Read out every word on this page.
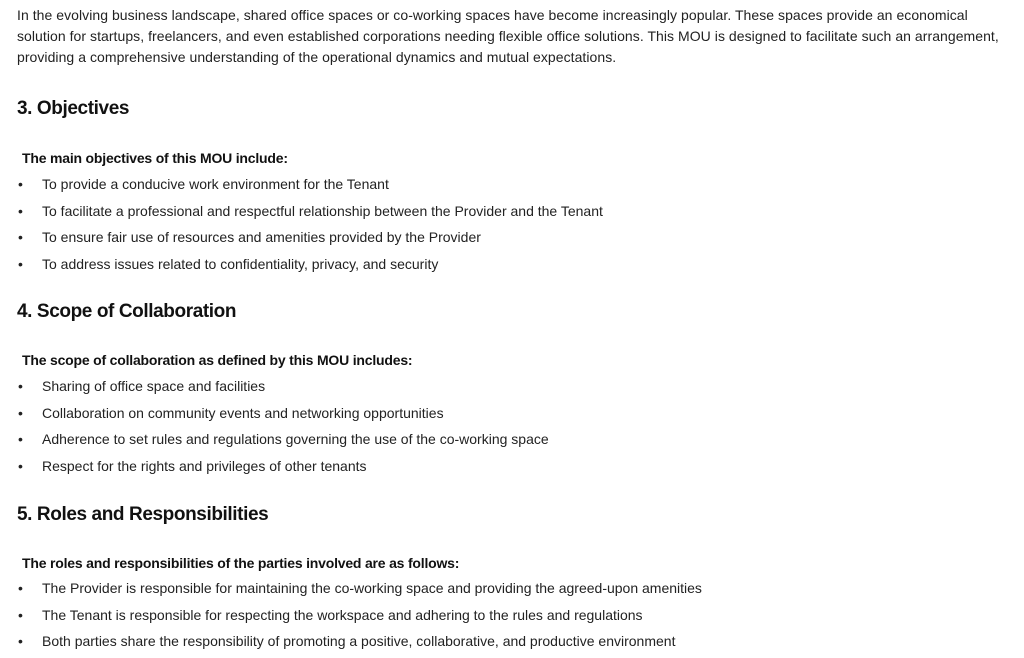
In the evolving business landscape, shared office spaces or co-working spaces have become increasingly popular. These spaces provide an economical solution for startups, freelancers, and even established corporations needing flexible office solutions. This MOU is designed to facilitate such an arrangement, providing a comprehensive understanding of the operational dynamics and mutual expectations.

3. Objectives

The main objectives of this MOU include:

• To provide a conducive work environment for the Tenant
• To facilitate a professional and respectful relationship between the Provider and the Tenant
• To ensure fair use of resources and amenities provided by the Provider
• To address issues related to confidentiality, privacy, and security
4. Scope of Collaboration

The scope of collaboration as defined by this MOU includes:

• Sharing of office space and facilities
• Collaboration on community events and networking opportunities
• Adherence to set rules and regulations governing the use of the co-working space
• Respect for the rights and privileges of other tenants
5. Roles and Responsibilities

The roles and responsibilities of the parties involved are as follows:

• The Provider is responsible for maintaining the co-working space and providing the agreed-upon amenities
• The Tenant is responsible for respecting the workspace and adhering to the rules and regulations
• Both parties share the responsibility of promoting a positive, collaborative, and productive environment
